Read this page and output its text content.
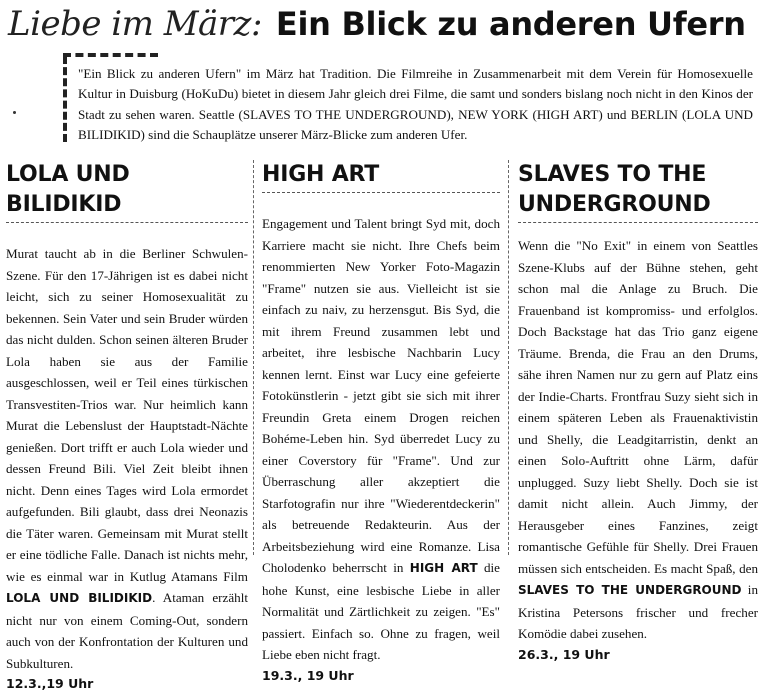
Liebe im März: Ein Blick zu anderen Ufern
"Ein Blick zu anderen Ufern" im März hat Tradition. Die Filmreihe in Zusammenarbeit mit dem Verein für Homosexuelle Kultur in Duisburg (HoKuDu) bietet in diesem Jahr gleich drei Filme, die samt und sonders bislang noch nicht in den Kinos der Stadt zu sehen waren. Seattle (SLAVES TO THE UNDERGROUND), NEW YORK (HIGH ART) und BERLIN (LOLA UND BILIDIKID) sind die Schauplätze unserer März-Blicke zum anderen Ufer.
LOLA UND BILIDIKID

Murat taucht ab in die Berliner Schwulen-Szene. Für den 17-Jährigen ist es dabei nicht leicht, sich zu seiner Homosexualität zu bekennen. Sein Vater und sein Bruder würden das nicht dulden. Schon seinen älteren Bruder Lola haben sie aus der Familie ausgeschlossen, weil er Teil eines türkischen Transvestiten-Trios war. Nur heimlich kann Murat die Lebenslust der Hauptstadt-Nächte genießen. Dort trifft er auch Lola wieder und dessen Freund Bili. Viel Zeit bleibt ihnen nicht. Denn eines Tages wird Lola ermordet aufgefunden. Bili glaubt, dass drei Neonazis die Täter waren. Gemeinsam mit Murat stellt er eine tödliche Falle. Danach ist nichts mehr, wie es einmal war in Kutlug Atamans Film LOLA UND BILIDIKID. Ataman erzählt nicht nur von einem Coming-Out, sondern auch von der Konfrontation der Kulturen und Subkulturen.

12.3.,19 Uhr
HIGH ART

Engagement und Talent bringt Syd mit, doch Karriere macht sie nicht. Ihre Chefs beim renommierten New Yorker Foto-Magazin "Frame" nutzen sie aus. Vielleicht ist sie einfach zu naiv, zu herzensgut. Bis Syd, die mit ihrem Freund zusammen lebt und arbeitet, ihre lesbische Nachbarin Lucy kennen lernt. Einst war Lucy eine gefeierte Fotokünstlerin - jetzt gibt sie sich mit ihrer Freundin Greta einem Drogen reichen Bohéme-Leben hin. Syd überredet Lucy zu einer Coverstory für "Frame". Und zur Überraschung aller akzeptiert die Starfotografin nur ihre "Wiederentdeckerin" als betreuende Redakteurin. Aus der Arbeitsbeziehung wird eine Romanze. Lisa Cholodenko beherrscht in HIGH ART die hohe Kunst, eine lesbische Liebe in aller Normalität und Zärtlichkeit zu zeigen. "Es" passiert. Einfach so. Ohne zu fragen, weil Liebe eben nicht fragt.

19.3., 19 Uhr
SLAVES TO THE UNDERGROUND

Wenn die "No Exit" in einem von Seattles Szene-Klubs auf der Bühne stehen, geht schon mal die Anlage zu Bruch. Die Frauenband ist kompromiss- und erfolglos. Doch Backstage hat das Trio ganz eigene Träume. Brenda, die Frau an den Drums, sähe ihren Namen nur zu gern auf Platz eins der Indie-Charts. Frontfrau Suzy sieht sich in einem späteren Leben als Frauenaktivistin und Shelly, die Leadgitarristin, denkt an einen Solo-Auftritt ohne Lärm, dafür unplugged. Suzy liebt Shelly. Doch sie ist damit nicht allein. Auch Jimmy, der Herausgeber eines Fanzines, zeigt romantische Gefühle für Shelly. Drei Frauen müssen sich entscheiden. Es macht Spaß, den SLAVES TO THE UNDERGROUND in Kristina Petersons frischer und frecher Komödie dabei zusehen.

26.3., 19 Uhr
